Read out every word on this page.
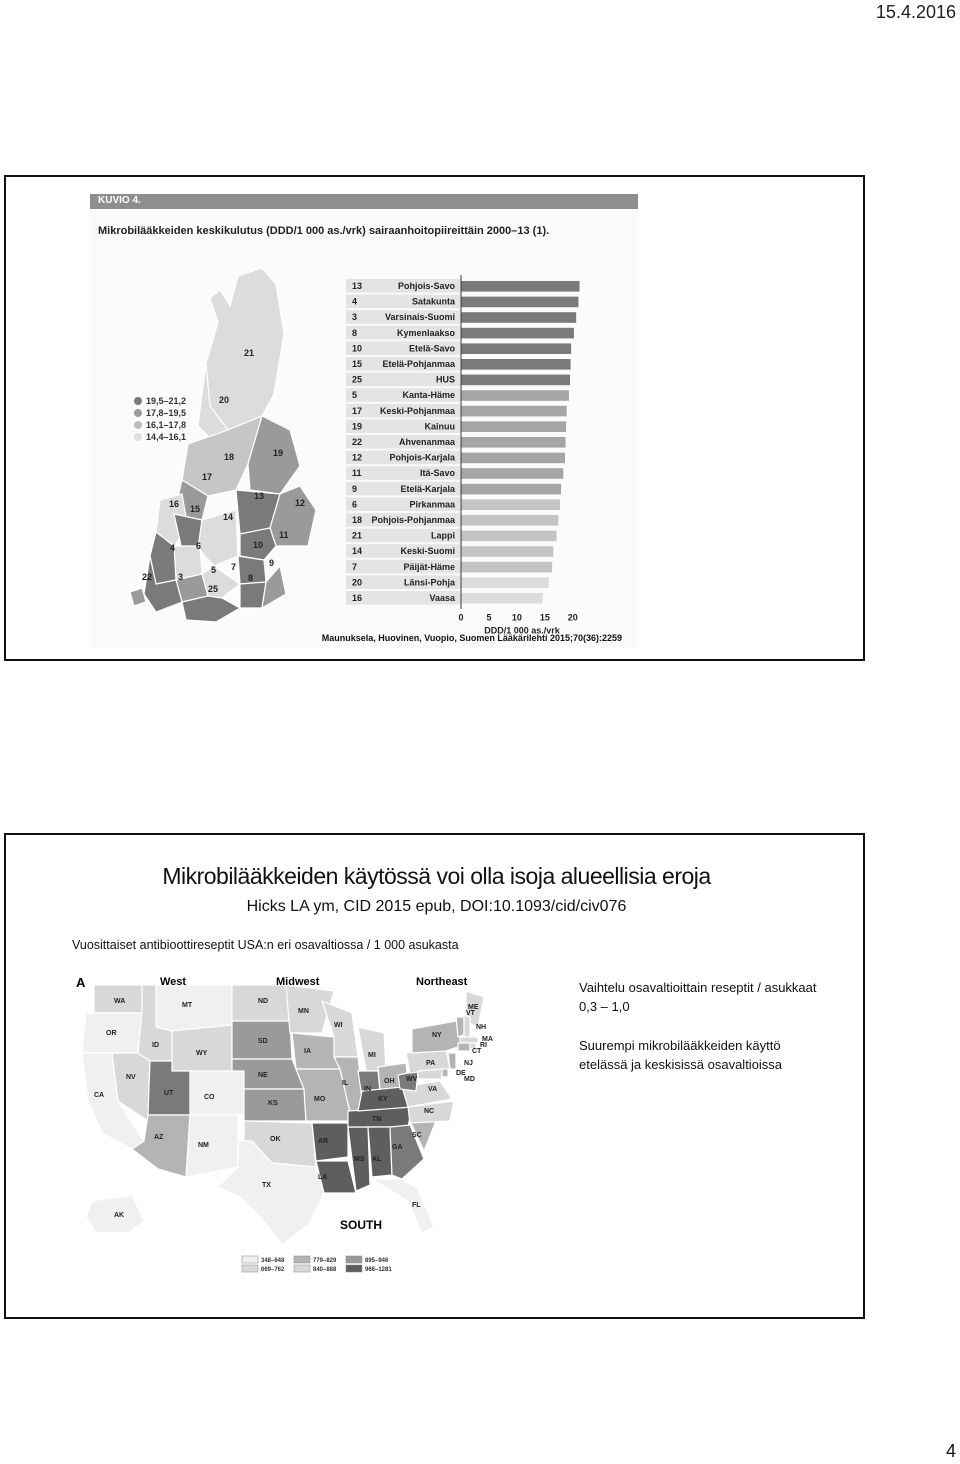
15.4.2016
KUVIO 4.
Mikrobilääkkeiden keskikulutus (DDD/1 000 as./vrk) sairaanhoitopiireittäin 2000–13 (1).
21
20
19
18
17
16 15
14
13
12
11
10
9
8
7
6
5
4
3
25
22
19,5–21,2
17,8–19,5
16,1–17,8
14,4–16,1
13	Pohjois-Savo
4	Satakunta
3	Varsinais-Suomi
8	Kymenlaakso
10	Etelä-Savo
15 Etelä-Pohjanmaa
25	HUS
5	Kanta-Häme
17 Keski-Pohjanmaa
19	Kainuu
22	Ahvenanmaa
12	Pohjois-Karjala
11	Itä-Savo
9	Etelä-Karjala
6	Pirkanmaa
18 Pohjois-Pohjanmaa
21	Lappi
14	Keski-Suomi
7	Päijät-Häme
20	Länsi-Pohja
16	Vaasa
0	5 10 15 20
DDD/1 000 as./vrk
Maunuksela, Huovinen, Vuopio, Suomen Lääkärilehti 2015;70(36):2259
Mikrobilääkkeiden käytössä voi olla isoja alueellisia eroja
Hicks LA ym, CID 2015 epub, DOI:10.1093/cid/civ076
Vuosittaiset antibioottireseptit USA:n eri osavaltiossa / 1 000 asukasta
A
WA
OR
CA
NV
ID
MT
WY
UT
AZ
CO
NM
ND
SD
NE
KS
MN
IA
MO
WI
IL
MI
IN
OH
OK
TX
AR
LA
MS
TN
KY
AL
GA
FL
SC
NC
VA
WV
PA
NY
ME
VT
NH
MA
RI
CT
NJ
DE
MD
AK
West	Midwest	Northeast
SOUTH
348–648
669–762
779–829
840–888
895–946
966–1281
Vaihtelu osavaltioittain reseptit / asukkaat
0,3 – 1,0
Suurempi mikrobilääkkeiden käyttö
etelässä ja keskisissä osavaltioissa
4
